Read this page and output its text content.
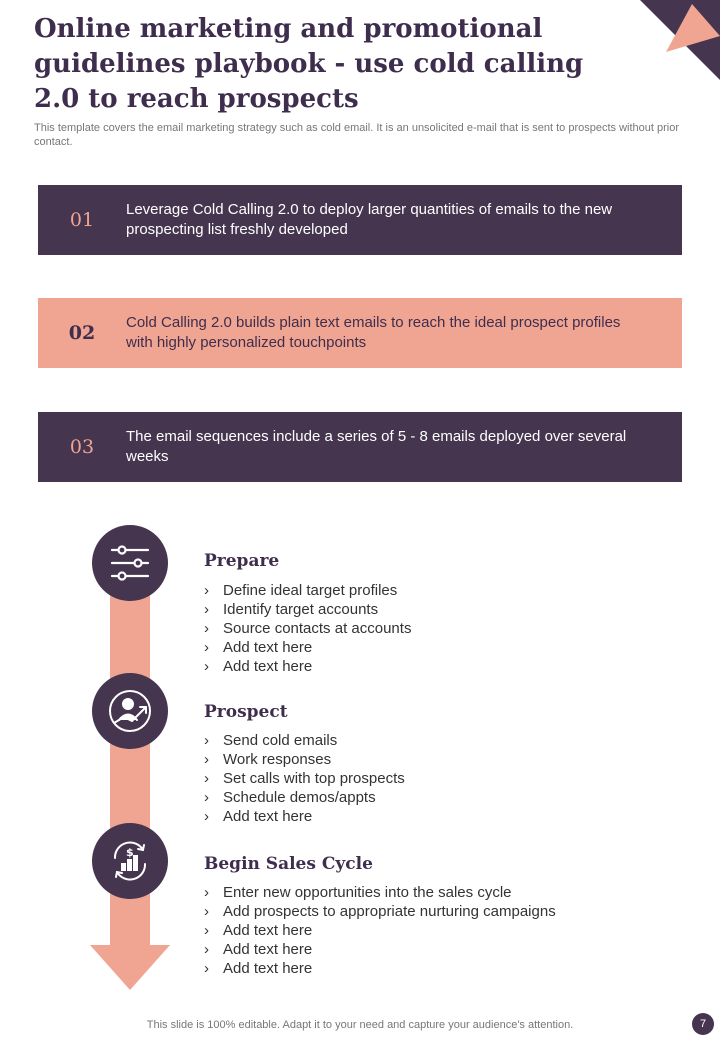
Online marketing and promotional guidelines playbook - use cold calling 2.0 to reach prospects

This template covers the email marketing strategy such as cold email. It is an unsolicited e-mail that is sent to prospects without prior contact.

01	Leverage Cold Calling 2.0 to deploy larger quantities of emails to the new prospecting list freshly developed
02	Cold Calling 2.0 builds plain text emails to reach the ideal prospect profiles with highly personalized touchpoints
03	The email sequences include a series of 5 - 8 emails deployed over several weeks
Prepare
› Define ideal target profiles
› Identify target accounts
› Source contacts at accounts
› Add text here
› Add text here
Prospect
› Send cold emails
› Work responses
› Set calls with top prospects
› Schedule demos/appts
› Add text here
$
Begin Sales Cycle
› Enter new opportunities into the sales cycle
› Add prospects to appropriate nurturing campaigns
› Add text here
› Add text here
› Add text here

This slide is 100% editable. Adapt it to your need and capture your audience's attention.	7
